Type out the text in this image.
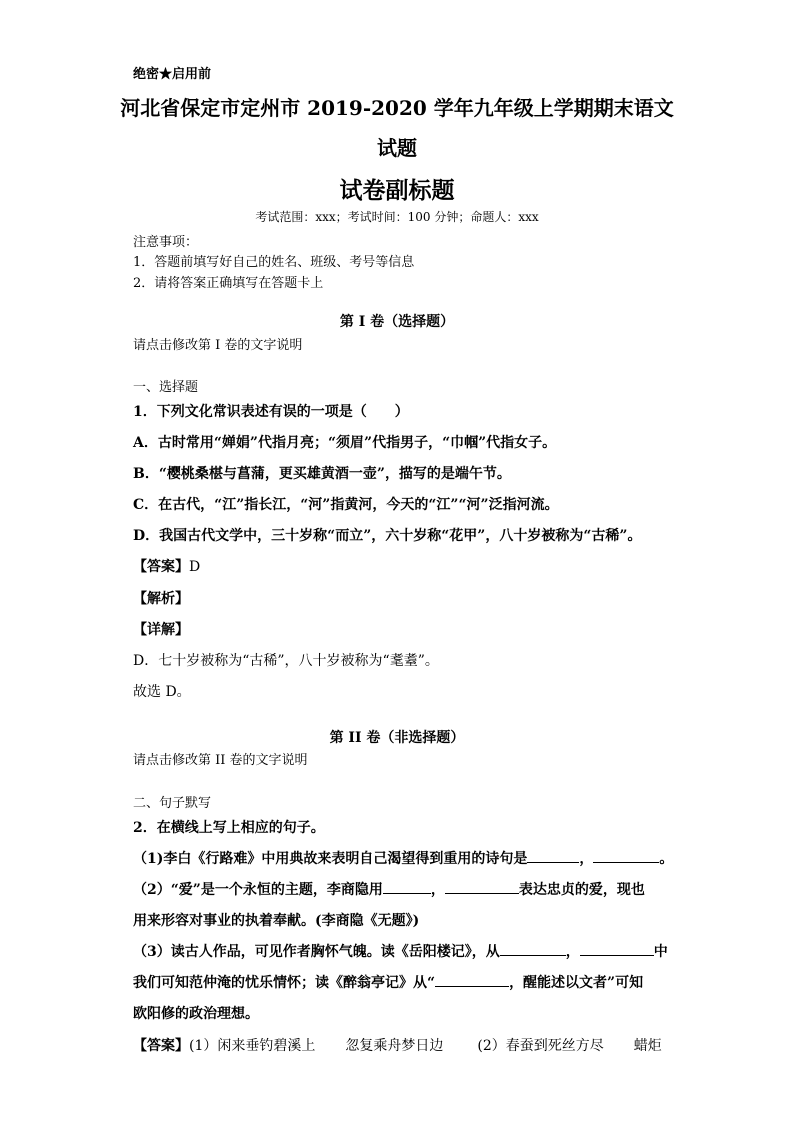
绝密★启用前
河北省保定市定州市 2019-2020 学年九年级上学期期末语文
试题
试卷副标题
考试范围：xxx；考试时间：100 分钟；命题人：xxx
注意事项：
1．答题前填写好自己的姓名、班级、考号等信息
2．请将答案正确填写在答题卡上
第 I 卷（选择题）
请点击修改第 I 卷的文字说明
一、选择题
1．下列文化常识表述有误的一项是（　　）
A．古时常用“婵娟”代指月亮；“须眉”代指男子，“巾帼”代指女子。
B．“樱桃桑椹与菖蒲，更买雄黄酒一壶”，描写的是端午节。
C．在古代，“江”指长江，“河”指黄河，今天的“江”“河”泛指河流。
D．我国古代文学中，三十岁称“而立”，六十岁称“花甲”，八十岁被称为“古稀”。
【答案】D
【解析】
【详解】
D．七十岁被称为“古稀”，八十岁被称为“耄耋”。
故选 D。
第 II 卷（非选择题）
请点击修改第 II 卷的文字说明
二、句子默写
2．在横线上写上相应的句子。
（1)李白《行路难》中用典故来表明自己渴望得到重用的诗句是	，	。
（2）“爱”是一个永恒的主题，李商隐用	，	表达忠贞的爱，现也
用来形容对事业的执着奉献。(李商隐《无题》)
（3）读古人作品，可见作者胸怀气魄。读《岳阳楼记》，从	，	中
我们可知范仲淹的忧乐情怀；读《醉翁亭记》从“	，醒能述以文者”可知
欧阳修的政治理想。
【答案】(1）闲来垂钓碧溪上 忽复乘舟梦日边 (2）春蚕到死丝方尽 蜡炬
